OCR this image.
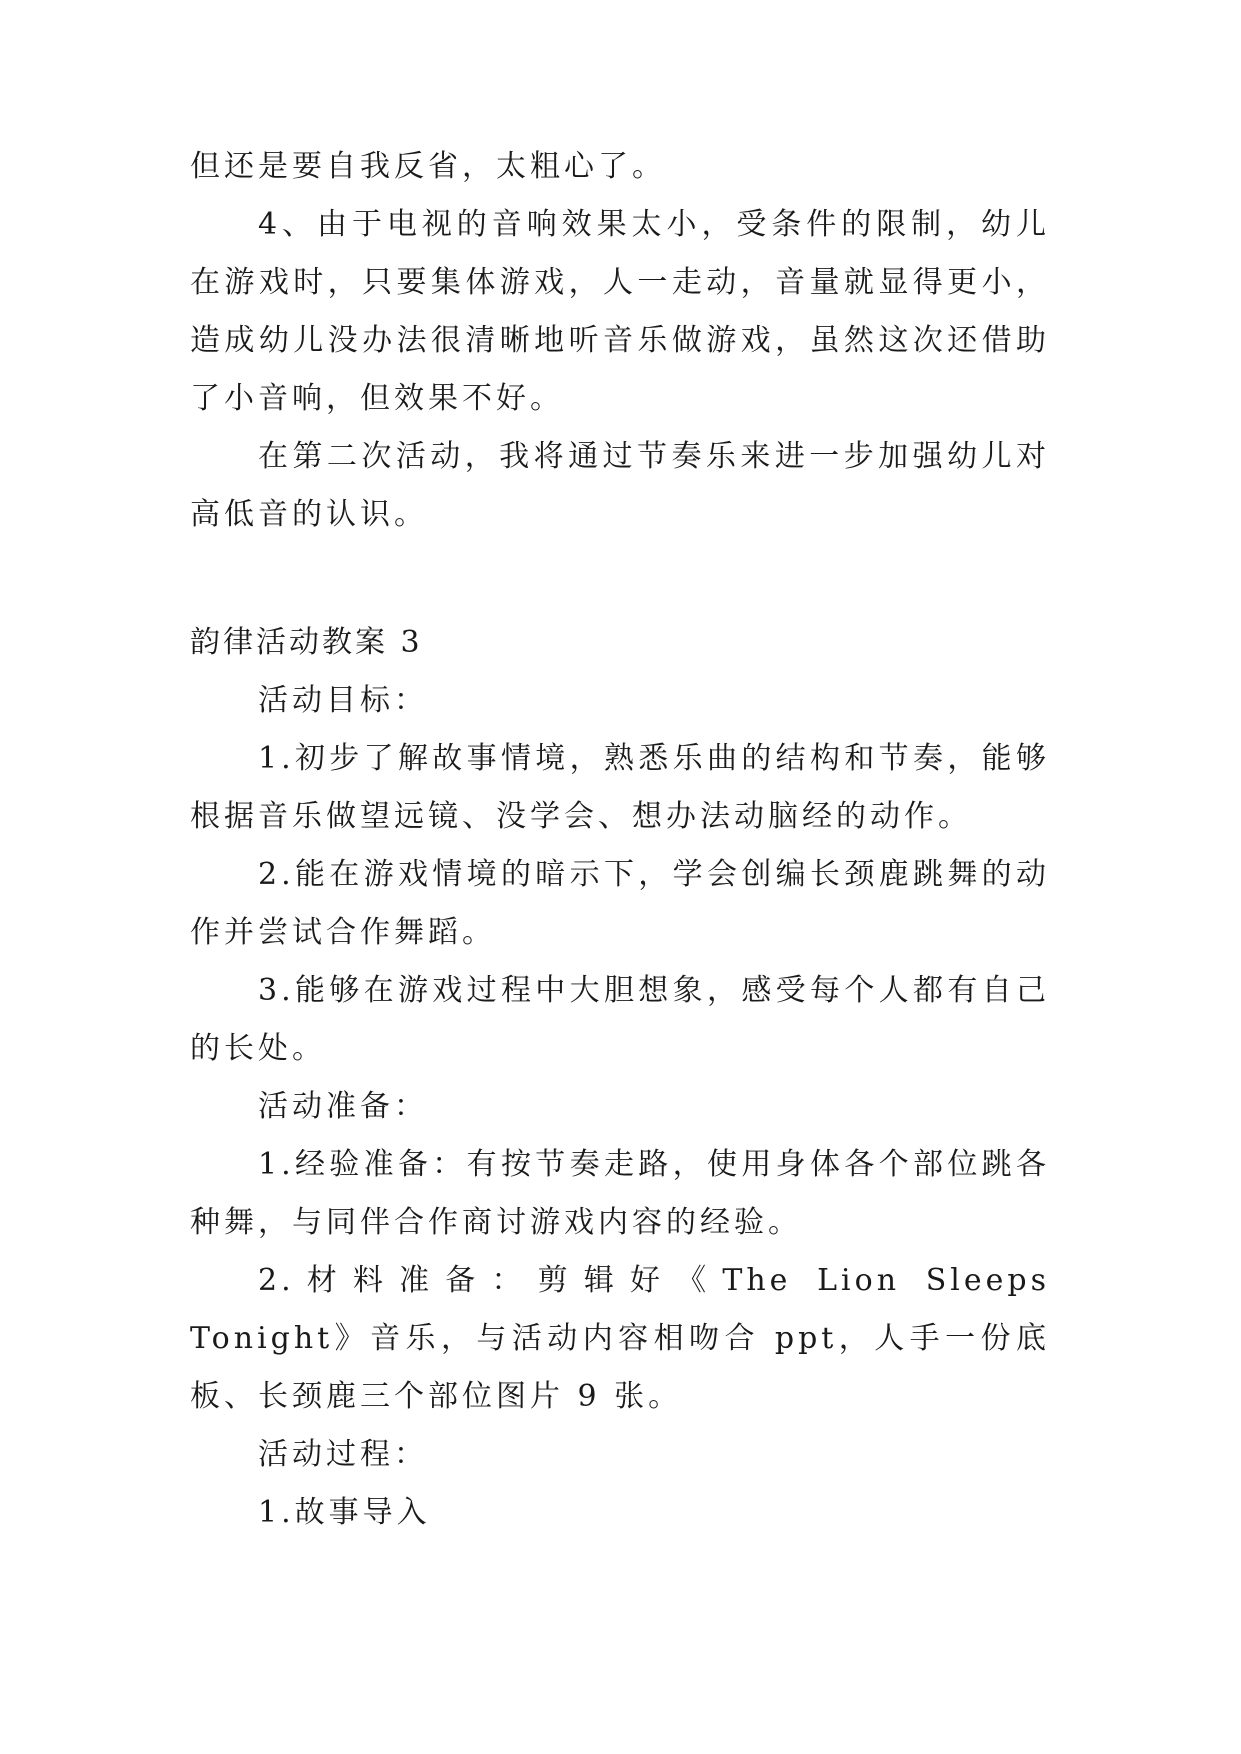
但还是要自我反省，太粗心了。

4、由于电视的音响效果太小，受条件的限制，幼儿在游戏时，只要集体游戏，人一走动，音量就显得更小，造成幼儿没办法很清晰地听音乐做游戏，虽然这次还借助了小音响，但效果不好。

在第二次活动，我将通过节奏乐来进一步加强幼儿对高低音的认识。

韵律活动教案 3

活动目标：

1.初步了解故事情境，熟悉乐曲的结构和节奏，能够根据音乐做望远镜、没学会、想办法动脑经的动作。

2.能在游戏情境的暗示下，学会创编长颈鹿跳舞的动作并尝试合作舞蹈。

3.能够在游戏过程中大胆想象，感受每个人都有自己的长处。

活动准备：

1.经验准备：有按节奏走路，使用身体各个部位跳各种舞，与同伴合作商讨游戏内容的经验。

2.材料准备：剪辑好《The Lion Sleeps Tonight》音乐，与活动内容相吻合 ppt，人手一份底板、长颈鹿三个部位图片 9 张。

活动过程：

1.故事导入
